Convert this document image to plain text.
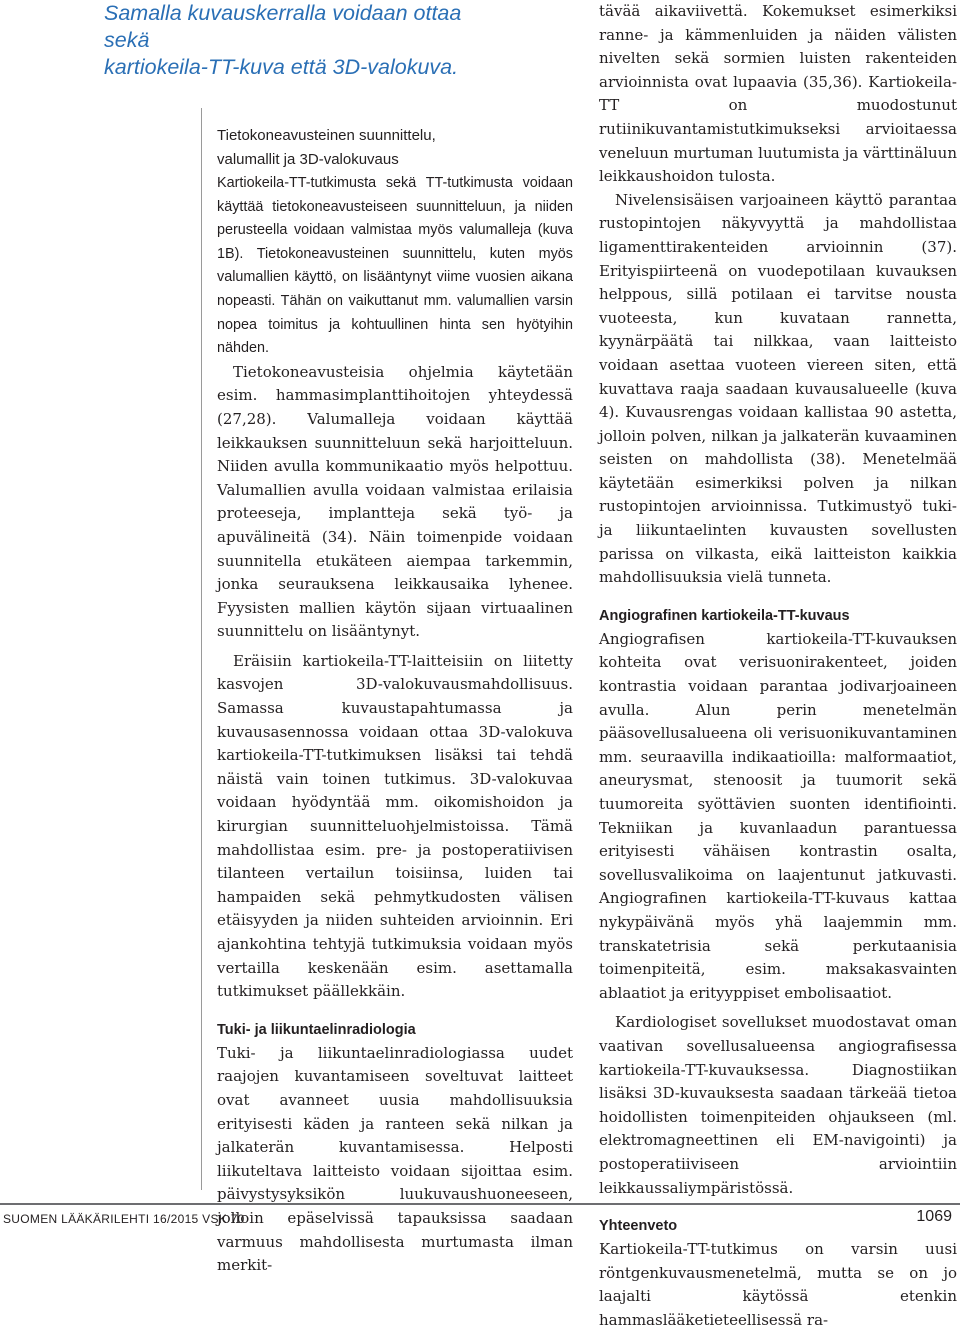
Samalla kuvauskerralla voidaan ottaa sekä

kartiokeila-TT-kuva että 3D-valokuva.

Tietokoneavusteinen suunnittelu,
valumallit ja 3D-valokuvaus

Kartiokeila-TT-tutkimusta sekä TT-tutkimusta voidaan käyttää tietokoneavusteiseen suunnitteluun, ja niiden perusteella voidaan valmistaa myös valumalleja (kuva 1B). Tietokoneavusteinen suunnittelu, kuten myös valumallien käyttö, on lisääntynyt viime vuosien aikana nopeasti. Tähän on vaikuttanut mm. valumallien varsin nopea toimitus ja kohtuullinen hinta sen hyötyihin nähden.

Tietokoneavusteisia ohjelmia käytetään esim. hammasimplanttihoitojen yhteydessä (27,28). Valumalleja voidaan käyttää leikkauksen suunnitteluun sekä harjoitteluun. Niiden avulla kommunikaatio myös helpottuu. Valumallien avulla voidaan valmistaa erilaisia proteeseja, implantteja sekä työ- ja apuvälineitä (34). Näin toimenpide voidaan suunnitella etukäteen aiempaa tarkemmin, jonka seurauksena leikkausaika lyhenee. Fyysisten mallien käytön sijaan virtuaalinen suunnittelu on lisääntynyt.

Eräisiin kartiokeila-TT-laitteisiin on liitetty kasvojen 3D-valokuvausmahdollisuus. Samassa kuvaustapahtumassa ja kuvausasennossa voidaan ottaa 3D-valokuva kartiokeila-TT-tutkimuksen lisäksi tai tehdä näistä vain toinen tutkimus. 3D-valokuvaa voidaan hyödyntää mm. oikomishoidon ja kirurgian suunnitteluohjelmistoissa. Tämä mahdollistaa esim. pre- ja postoperatiivisen tilanteen vertailun toisiinsa, luiden tai hampaiden sekä pehmytkudosten välisen etäisyyden ja niiden suhteiden arvioinnin. Eri ajankohtina tehtyjä tutkimuksia voidaan myös vertailla keskenään esim. asettamalla tutkimukset päällekkäin.

Tuki- ja liikuntaelinradiologia

Tuki- ja liikuntaelinradiologiassa uudet raajojen kuvantamiseen soveltuvat laitteet ovat avanneet uusia mahdollisuuksia erityisesti käden ja ranteen sekä nilkan ja jalkaterän kuvantamisessa. Helposti liikuteltava laitteisto voidaan sijoittaa esim. päivystysyksikön luukuvaushuoneeseen, jolloin epäselvissä tapauksissa saadaan varmuus mahdollisesta murtumasta ilman merkit-

tävää aikaviivettä. Kokemukset esimerkiksi ranne- ja kämmenluiden ja näiden välisten nivelten sekä sormien luisten rakenteiden arvioinnista ovat lupaavia (35,36). Kartiokeila-TT on muodostunut rutiinikuvantamistutkimukseksi arvioitaessa veneluun murtuman luutumista ja värttinäluun leikkaushoidon tulosta.

Nivelensisäisen varjoaineen käyttö parantaa rustopintojen näkyvyyttä ja mahdollistaa ligamenttirakenteiden arvioinnin (37). Erityispiirteenä on vuodepotilaan kuvauksen helppous, sillä potilaan ei tarvitse nousta vuoteesta, kun kuvataan rannetta, kyynärpäätä tai nilkkaa, vaan laitteisto voidaan asettaa vuoteen viereen siten, että kuvattava raaja saadaan kuvausalueelle (kuva 4). Kuvausrengas voidaan kallistaa 90 astetta, jolloin polven, nilkan ja jalkaterän kuvaaminen seisten on mahdollista (38). Menetelmää käytetään esimerkiksi polven ja nilkan rustopintojen arvioinnissa. Tutkimustyö tuki- ja liikuntaelinten kuvausten sovellusten parissa on vilkasta, eikä laitteiston kaikkia mahdollisuuksia vielä tunneta.

Angiografinen kartiokeila-TT-kuvaus

Angiografisen kartiokeila-TT-kuvauksen kohteita ovat verisuonirakenteet, joiden kontrastia voidaan parantaa jodivarjoaineen avulla. Alun perin menetelmän pääsovellusalueena oli verisuonikuvantaminen mm. seuraavilla indikaatioilla: malformaatiot, aneurysmat, stenoosit ja tuumorit sekä tuumoreita syöttävien suonten identifiointi. Tekniikan ja kuvanlaadun parantuessa erityisesti vähäisen kontrastin osalta, sovellusvalikoima on laajentunut jatkuvasti. Angiografinen kartiokeila-TT-kuvaus kattaa nykypäivänä myös yhä laajemmin mm. transkatetrisia sekä perkutaanisia toimenpiteitä, esim. maksakasvainten ablaatiot ja erityyppiset embolisaatiot.

Kardiologiset sovellukset muodostavat oman vaativan sovellusalueensa angiografisessa kartiokeila-TT-kuvauksessa. Diagnostiikan lisäksi 3D-kuvauksesta saadaan tärkeää tietoa hoidollisten toimenpiteiden ohjaukseen (ml. elektromagneettinen eli EM-navigointi) ja postoperatiiviseen arviointiin leikkaussaliympäristössä.

Yhteenveto

Kartiokeila-TT-tutkimus on varsin uusi röntgenkuvausmenetelmä, mutta se on jo laajalti käytössä etenkin hammaslääketieteellisessä ra-

SUOMEN LÄÄKÄRILEHTI 16/2015 VSK 70	1069
